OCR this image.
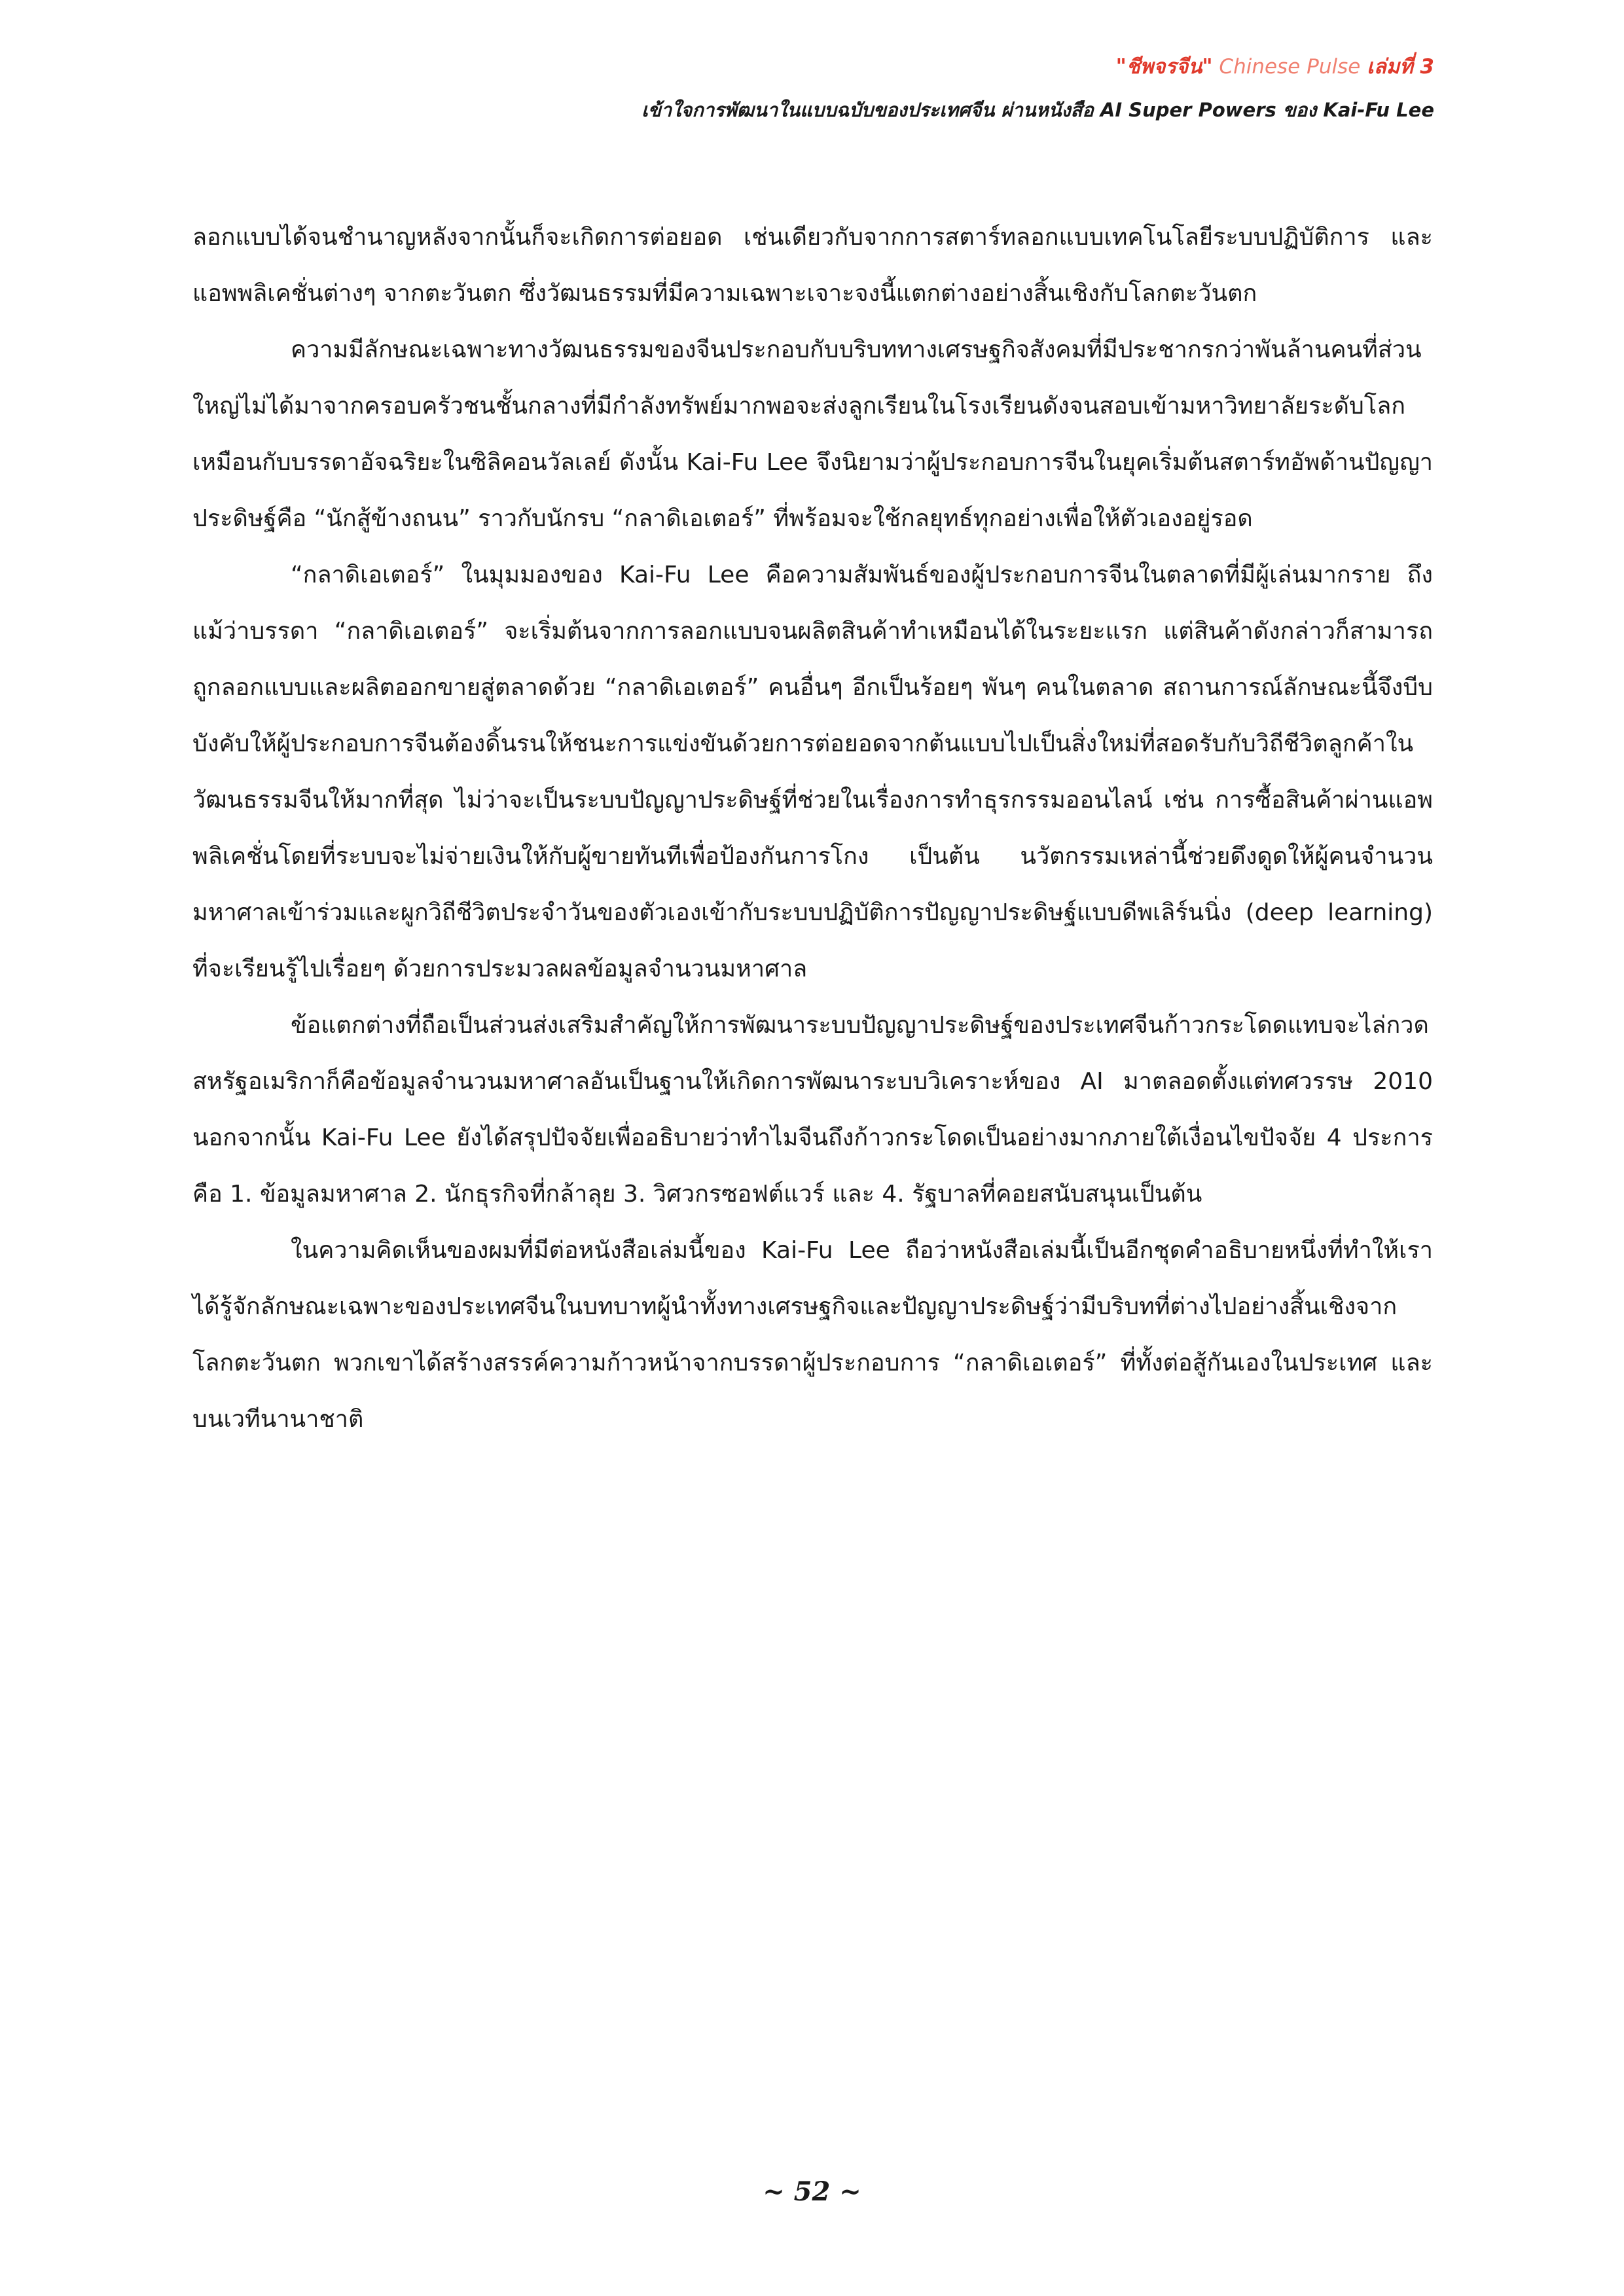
"ชีพจรจีน" Chinese Pulse เล่มที่ 3
เข้าใจการพัฒนาในแบบฉบับของประเทศจีน ผ่านหนังสือ AI Super Powers ของ Kai-Fu Lee

ลอกแบบได้จนชำนาญหลังจากนั้นก็จะเกิดการต่อยอด เช่นเดียวกับจากการสตาร์ทลอกแบบเทคโนโลยีระบบปฏิบัติการ และ แอพพลิเคชั่นต่างๆ จากตะวันตก ซึ่งวัฒนธรรมที่มีความเฉพาะเจาะจงนี้แตกต่างอย่างสิ้นเชิงกับโลกตะวันตก

ความมีลักษณะเฉพาะทางวัฒนธรรมของจีนประกอบกับบริบททางเศรษฐกิจสังคมที่มีประชากรกว่าพันล้านคนที่ส่วนใหญ่ไม่ได้มาจากครอบครัวชนชั้นกลางที่มีกำลังทรัพย์มากพอจะส่งลูกเรียนในโรงเรียนดังจนสอบเข้ามหาวิทยาลัยระดับโลกเหมือนกับบรรดาอัจฉริยะในซิลิคอนวัลเลย์ ดังนั้น Kai-Fu Lee จึงนิยามว่าผู้ประกอบการจีนในยุคเริ่มต้นสตาร์ทอัพด้านปัญญาประดิษฐ์คือ “นักสู้ข้างถนน” ราวกับนักรบ “กลาดิเอเตอร์” ที่พร้อมจะใช้กลยุทธ์ทุกอย่างเพื่อให้ตัวเองอยู่รอด

“กลาดิเอเตอร์” ในมุมมองของ Kai-Fu Lee คือความสัมพันธ์ของผู้ประกอบการจีนในตลาดที่มีผู้เล่นมากราย ถึงแม้ว่าบรรดา “กลาดิเอเตอร์” จะเริ่มต้นจากการลอกแบบจนผลิตสินค้าทำเหมือนได้ในระยะแรก แต่สินค้าดังกล่าวก็สามารถถูกลอกแบบและผลิตออกขายสู่ตลาดด้วย “กลาดิเอเตอร์” คนอื่นๆ อีกเป็นร้อยๆ พันๆ คนในตลาด สถานการณ์ลักษณะนี้จึงบีบบังคับให้ผู้ประกอบการจีนต้องดิ้นรนให้ชนะการแข่งขันด้วยการต่อยอดจากต้นแบบไปเป็นสิ่งใหม่ที่สอดรับกับวิถีชีวิตลูกค้าในวัฒนธรรมจีนให้มากที่สุด ไม่ว่าจะเป็นระบบปัญญาประดิษฐ์ที่ช่วยในเรื่องการทำธุรกรรมออนไลน์ เช่น การซื้อสินค้าผ่านแอพพลิเคชั่นโดยที่ระบบจะไม่จ่ายเงินให้กับผู้ขายทันทีเพื่อป้องกันการโกง เป็นต้น นวัตกรรมเหล่านี้ช่วยดึงดูดให้ผู้คนจำนวนมหาศาลเข้าร่วมและผูกวิถีชีวิตประจำวันของตัวเองเข้ากับระบบปฏิบัติการปัญญาประดิษฐ์แบบดีพเลิร์นนิ่ง (deep learning) ที่จะเรียนรู้ไปเรื่อยๆ ด้วยการประมวลผลข้อมูลจำนวนมหาศาล

ข้อแตกต่างที่ถือเป็นส่วนส่งเสริมสำคัญให้การพัฒนาระบบปัญญาประดิษฐ์ของประเทศจีนก้าวกระโดดแทบจะไล่กวดสหรัฐอเมริกาก็คือข้อมูลจำนวนมหาศาลอันเป็นฐานให้เกิดการพัฒนาระบบวิเคราะห์ของ AI มาตลอดตั้งแต่ทศวรรษ 2010 นอกจากนั้น Kai-Fu Lee ยังได้สรุปปัจจัยเพื่ออธิบายว่าทำไมจีนถึงก้าวกระโดดเป็นอย่างมากภายใต้เงื่อนไขปัจจัย 4 ประการ คือ 1. ข้อมูลมหาศาล 2. นักธุรกิจที่กล้าลุย 3. วิศวกรซอฟต์แวร์ และ 4. รัฐบาลที่คอยสนับสนุนเป็นต้น

ในความคิดเห็นของผมที่มีต่อหนังสือเล่มนี้ของ Kai-Fu Lee ถือว่าหนังสือเล่มนี้เป็นอีกชุดคำอธิบายหนึ่งที่ทำให้เราได้รู้จักลักษณะเฉพาะของประเทศจีนในบทบาทผู้นำทั้งทางเศรษฐกิจและปัญญาประดิษฐ์ว่ามีบริบทที่ต่างไปอย่างสิ้นเชิงจากโลกตะวันตก พวกเขาได้สร้างสรรค์ความก้าวหน้าจากบรรดาผู้ประกอบการ “กลาดิเอเตอร์” ที่ทั้งต่อสู้กันเองในประเทศ และ บนเวทีนานาชาติ

~ 52 ~
